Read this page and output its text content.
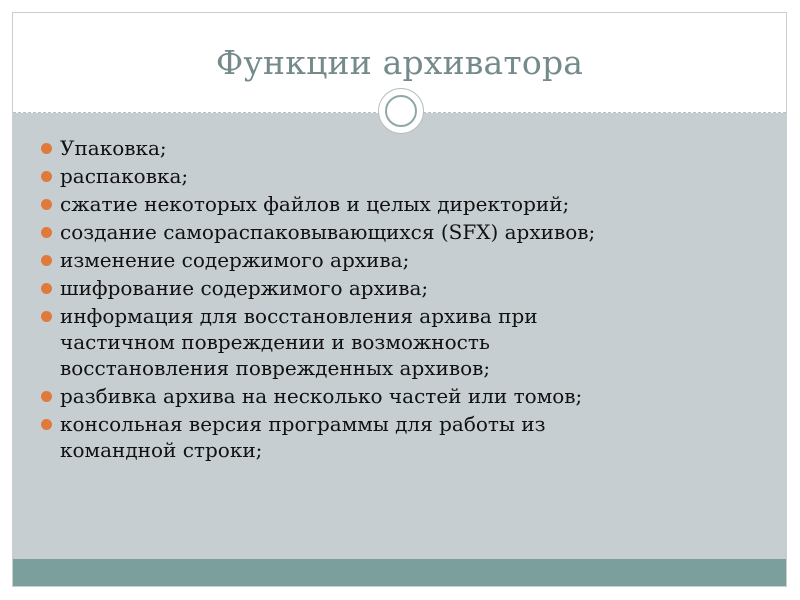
Функции архиватора
Упаковка;
распаковка;
сжатие некоторых файлов и целых директорий;
создание самораспаковывающихся (SFX) архивов;
изменение содержимого архива;
шифрование содержимого архива;
информация для восстановления архива при
частичном повреждении и возможность
восстановления поврежденных архивов;
разбивка архива на несколько частей или томов;
консольная версия программы для работы из
командной строки;
